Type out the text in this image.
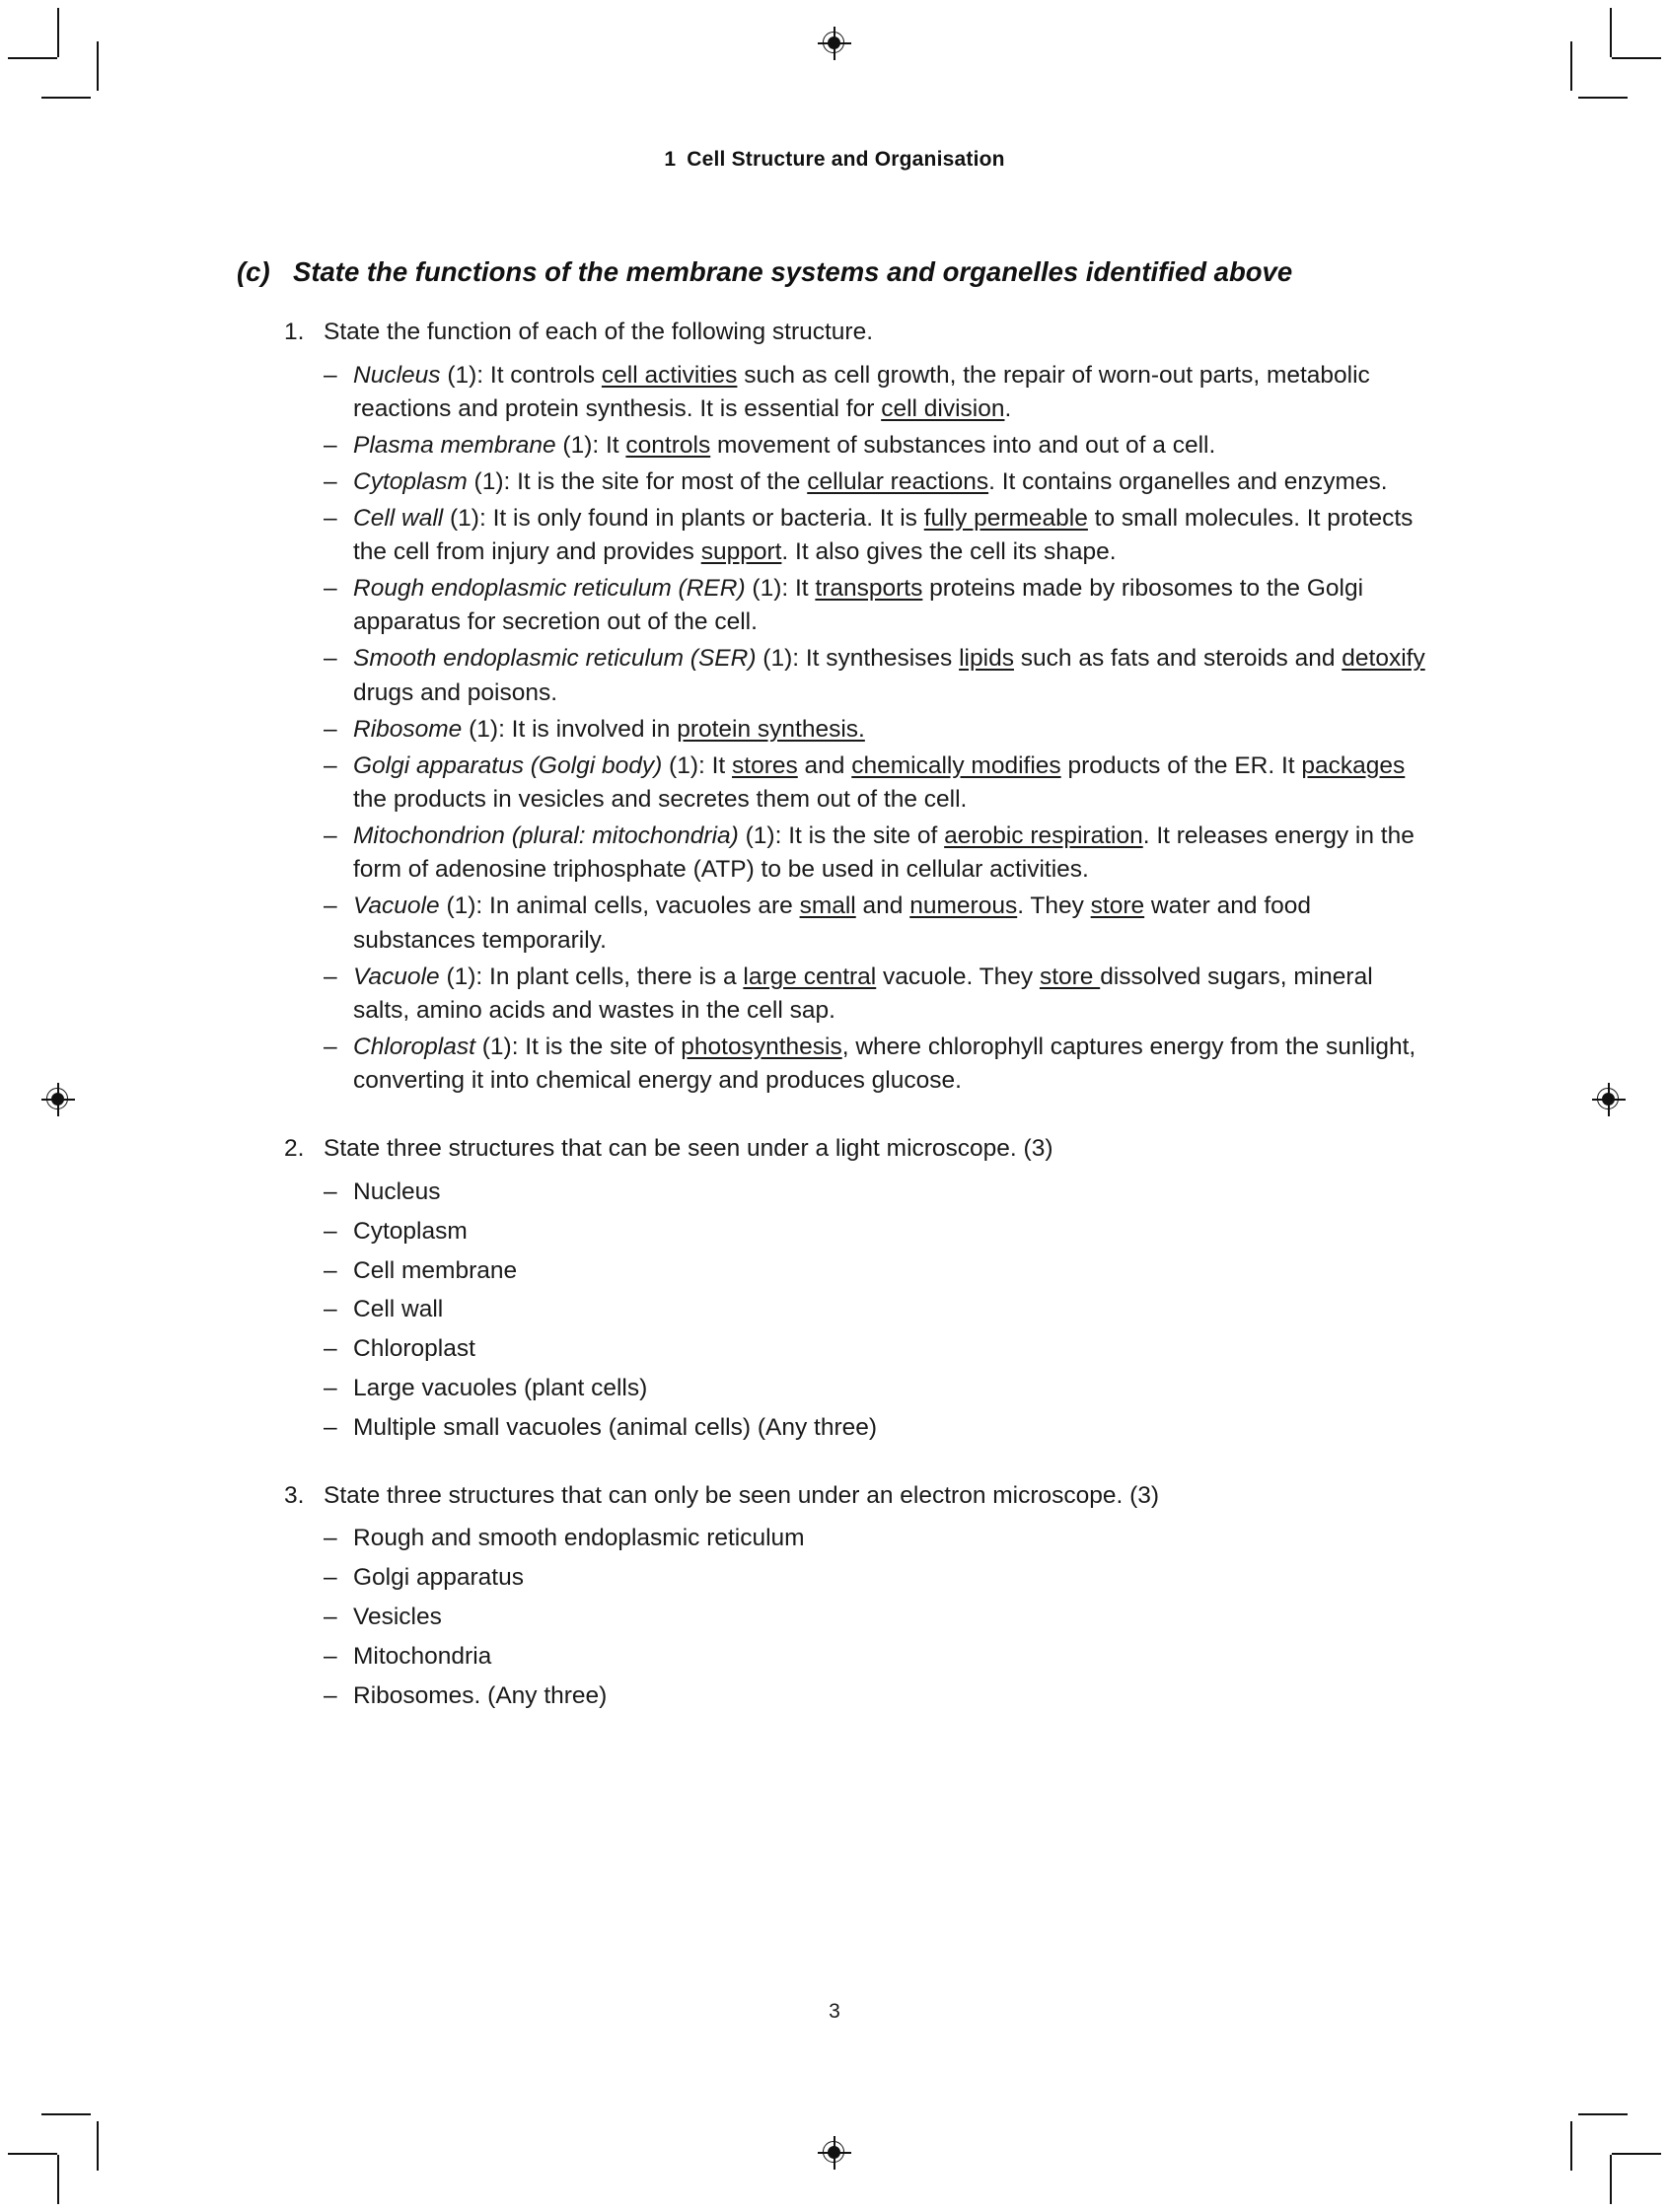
1 Cell Structure and Organisation
(c) State the functions of the membrane systems and organelles identified above
1. State the function of each of the following structure.
– Nucleus (1): It controls cell activities such as cell growth, the repair of worn-out parts, metabolic reactions and protein synthesis. It is essential for cell division.
– Plasma membrane (1): It controls movement of substances into and out of a cell.
– Cytoplasm (1): It is the site for most of the cellular reactions. It contains organelles and enzymes.
– Cell wall (1): It is only found in plants or bacteria. It is fully permeable to small molecules. It protects the cell from injury and provides support. It also gives the cell its shape.
– Rough endoplasmic reticulum (RER) (1): It transports proteins made by ribosomes to the Golgi apparatus for secretion out of the cell.
– Smooth endoplasmic reticulum (SER) (1): It synthesises lipids such as fats and steroids and detoxify drugs and poisons.
– Ribosome (1): It is involved in protein synthesis.
– Golgi apparatus (Golgi body) (1): It stores and chemically modifies products of the ER. It packages the products in vesicles and secretes them out of the cell.
– Mitochondrion (plural: mitochondria) (1): It is the site of aerobic respiration. It releases energy in the form of adenosine triphosphate (ATP) to be used in cellular activities.
– Vacuole (1): In animal cells, vacuoles are small and numerous. They store water and food substances temporarily.
– Vacuole (1): In plant cells, there is a large central vacuole. They store dissolved sugars, mineral salts, amino acids and wastes in the cell sap.
– Chloroplast (1): It is the site of photosynthesis, where chlorophyll captures energy from the sunlight, converting it into chemical energy and produces glucose.
2. State three structures that can be seen under a light microscope. (3)
– Nucleus
– Cytoplasm
– Cell membrane
– Cell wall
– Chloroplast
– Large vacuoles (plant cells)
– Multiple small vacuoles (animal cells) (Any three)
3. State three structures that can only be seen under an electron microscope. (3)
– Rough and smooth endoplasmic reticulum
– Golgi apparatus
– Vesicles
– Mitochondria
– Ribosomes. (Any three)
3
